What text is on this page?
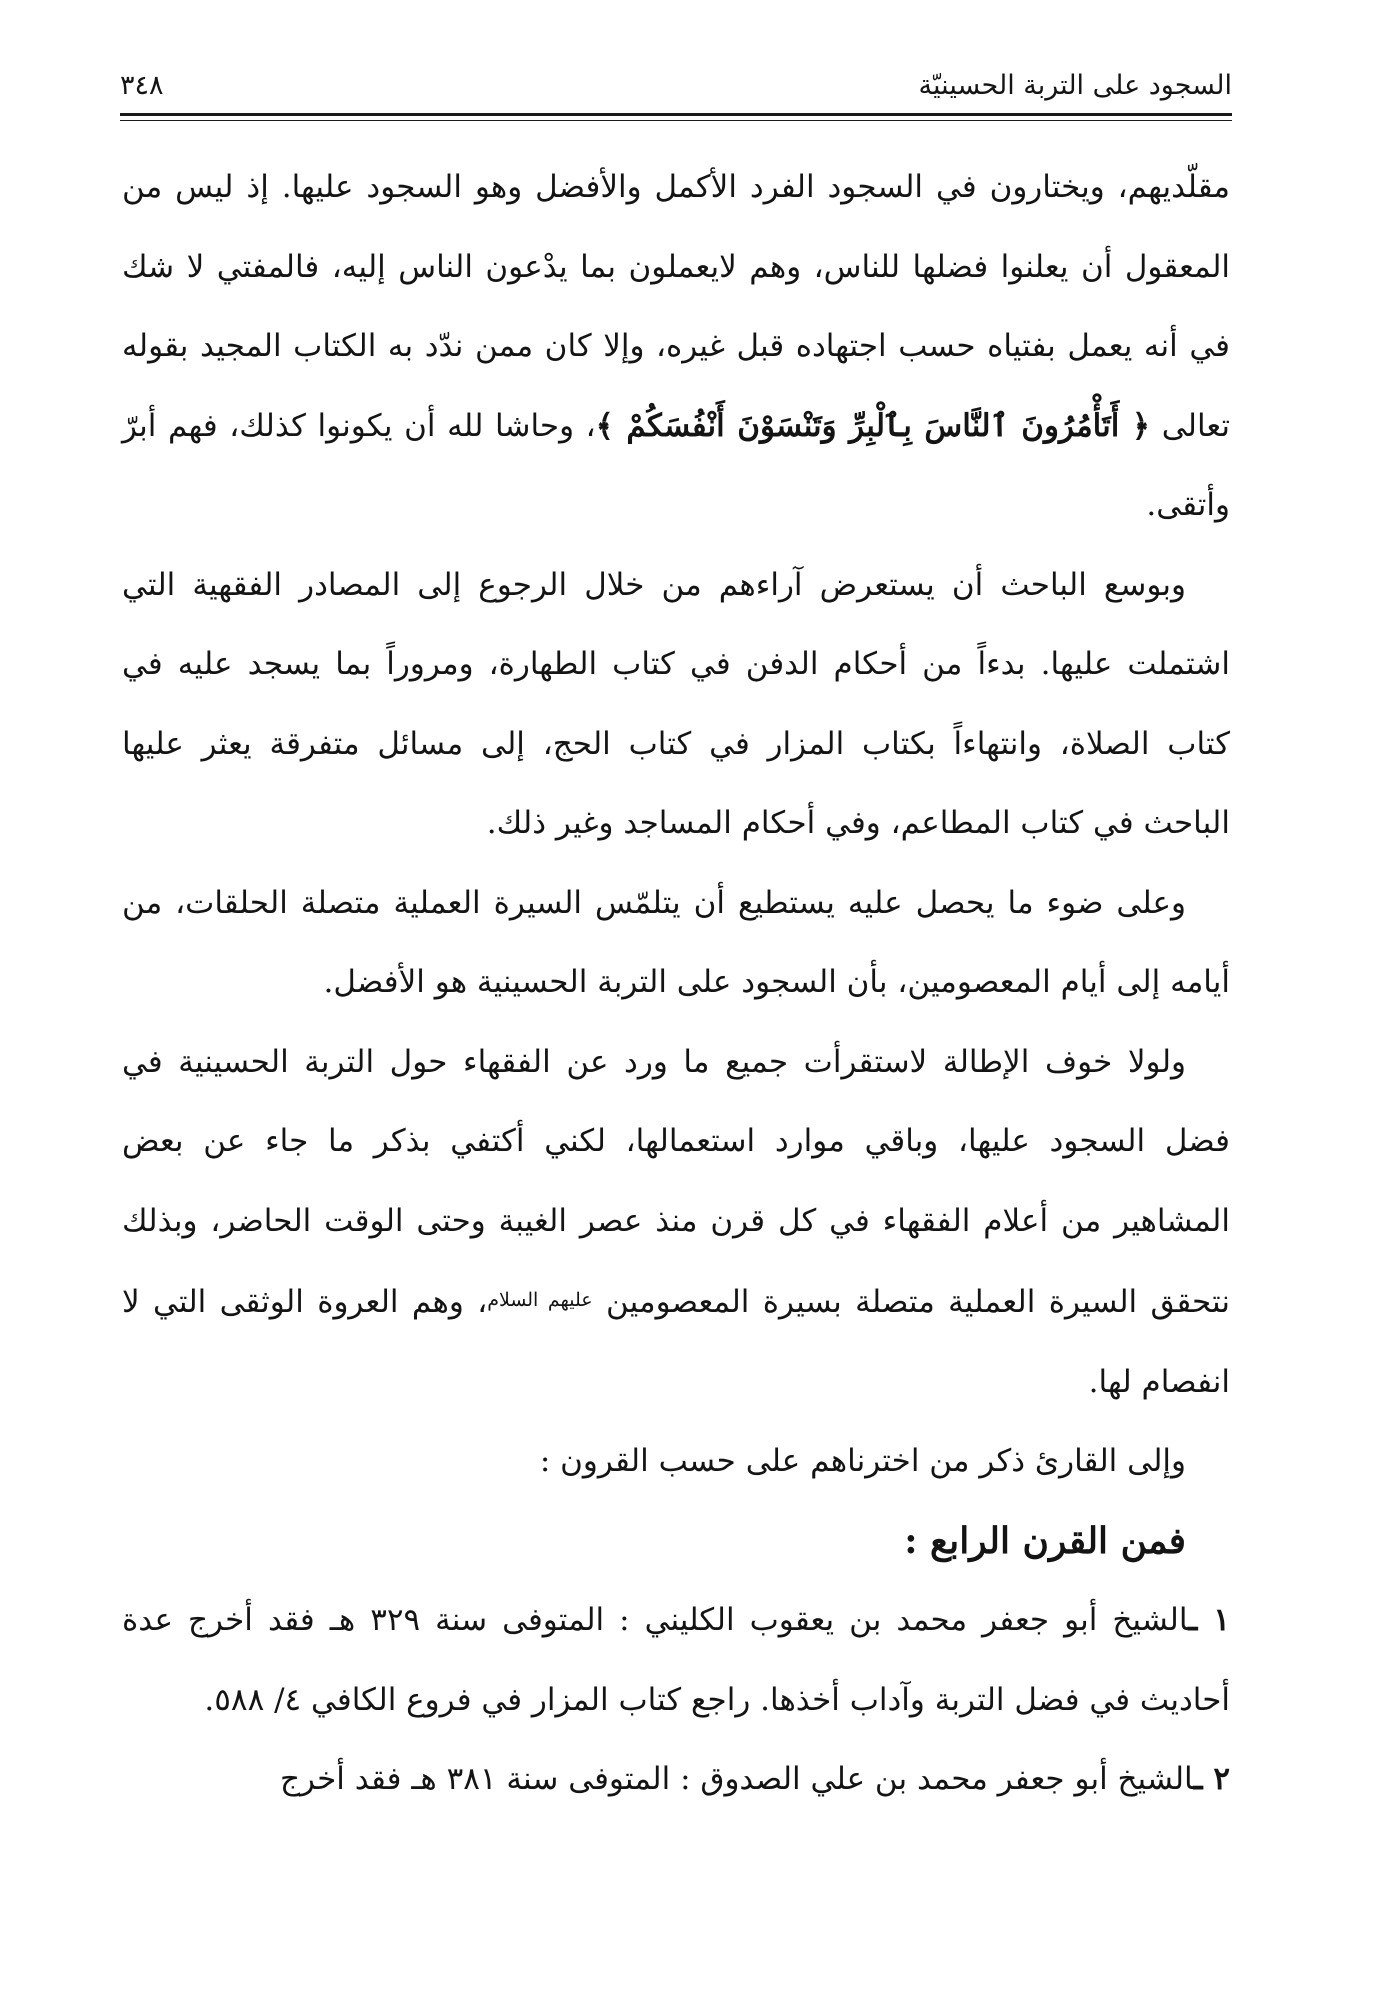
السجود على التربة الحسينيّة
٣٤٨

مقلّديهم، ويختارون في السجود الفرد الأكمل والأفضل وهو السجود عليها. إذ ليس من المعقول أن يعلنوا فضلها للناس، وهم لايعملون بما يدْعون الناس إليه، فالمفتي لا شك في أنه يعمل بفتياه حسب اجتهاده قبل غيره، وإلا كان ممن ندّد به الكتاب المجيد بقوله تعالى ﴿ أَتَأْمُرُونَ ٱلنَّاسَ بِٱلْبِرِّ وَتَنْسَوْنَ أَنْفُسَكُمْ ﴾، وحاشا لله أن يكونوا كذلك، فهم أبرّ وأتقى.

وبوسع الباحث أن يستعرض آراءهم من خلال الرجوع إلى المصادر الفقهية التي اشتملت عليها. بدءاً من أحكام الدفن في كتاب الطهارة، ومروراً بما يسجد عليه في كتاب الصلاة، وانتهاءاً بكتاب المزار في كتاب الحج، إلى مسائل متفرقة يعثر عليها الباحث في كتاب المطاعم، وفي أحكام المساجد وغير ذلك.

وعلى ضوء ما يحصل عليه يستطيع أن يتلمّس السيرة العملية متصلة الحلقات، من أيامه إلى أيام المعصومين، بأن السجود على التربة الحسينية هو الأفضل.

ولولا خوف الإطالة لاستقرأت جميع ما ورد عن الفقهاء حول التربة الحسينية في فضل السجود عليها، وباقي موارد استعمالها، لكني أكتفي بذكر ما جاء عن بعض المشاهير من أعلام الفقهاء في كل قرن منذ عصر الغيبة وحتى الوقت الحاضر، وبذلك نتحقق السيرة العملية متصلة بسيرة المعصومين عليهم السلام، وهم العروة الوثقى التي لا انفصام لها.

وإلى القارئ ذكر من اخترناهم على حسب القرون :

فمن القرن الرابع :

١ ـالشيخ أبو جعفر محمد بن يعقوب الكليني : المتوفى سنة ٣٢٩ هـ فقد أخرج عدة أحاديث في فضل التربة وآداب أخذها. راجع كتاب المزار في فروع الكافي ٤/ ٥٨٨.

٢ ـالشيخ أبو جعفر محمد بن علي الصدوق : المتوفى سنة ٣٨١ هـ فقد أخرج
